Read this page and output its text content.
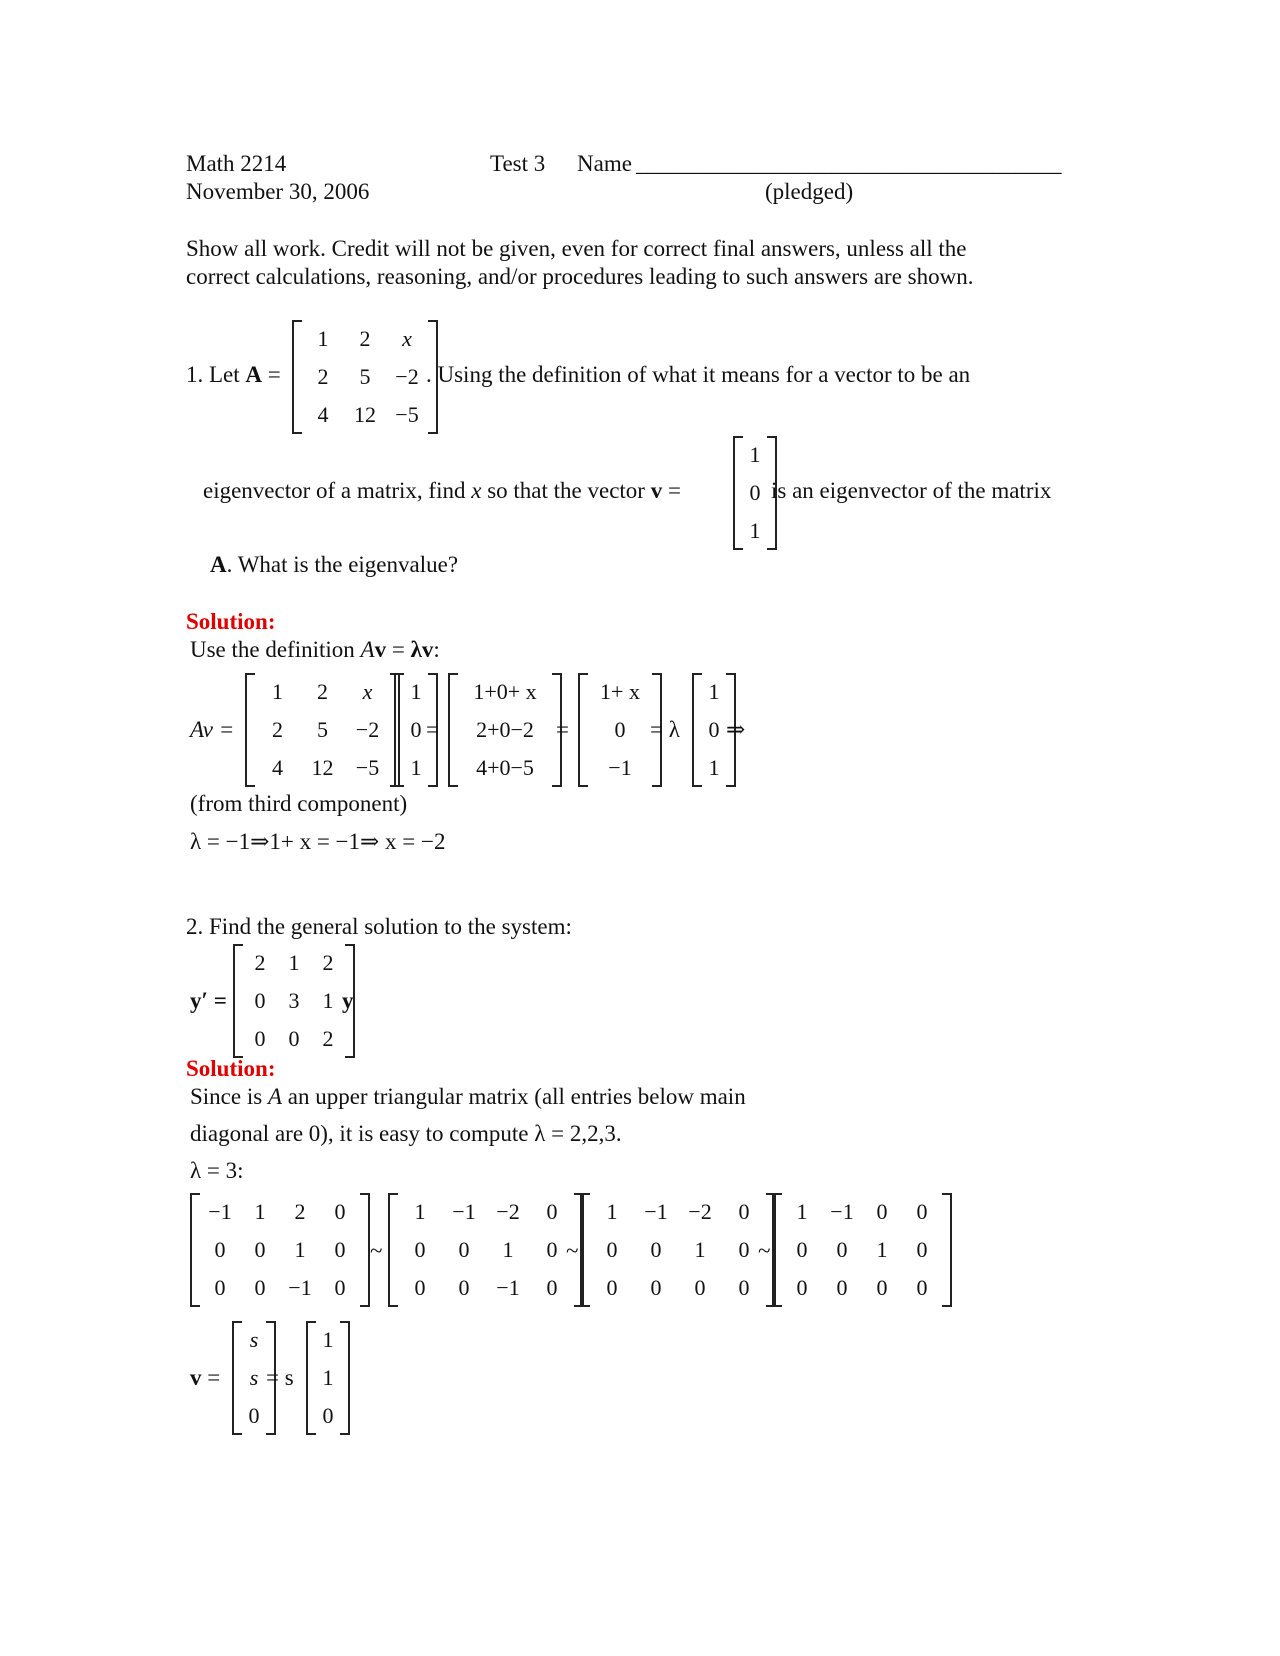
Math 2214
November 30, 2006
Test 3 Name _____________________________________
(pledged)
Show all work. Credit will not be given, even for correct final answers, unless all the
correct calculations, reasoning, and/or procedures leading to such answers are shown.
1. Let A =
1	2	x
2	5	−2
4	12 −5
. Using the definition of what it means for a vector to be an
eigenvector of a matrix, find x so that the vector v =
1
0
1
is an eigenvector of the matrix
A. What is the eigenvalue?
Solution:
Use the definition Av = λv:
Av =
1	2	x
2	5	−2
4	12	−5
1
0
1
=
1+0+ x
2+0−2
4+0−5
=
1+ x
0
−1
= λ
1
0
1
⇒
(from third component)
λ = −1⇒1+ x = −1⇒ x = −2
2. Find the general solution to the system:
y′ =
2	1	2
0	3	1
0	0	2
y
Solution:
Since is A an upper triangular matrix (all entries below main
diagonal are 0), it is easy to compute λ = 2,2,3.
λ = 3:
−1	1	2	0
0	0	1	0
0	0	−1	0
~
1	−1 −2	0
0	0	1	0
0	0	−1	0
~
1	−1 −2	0
0	0	1	0
0	0	0	0
~
1	−1	0	0
0	0	1	0
0	0	0	0
v =
s
s
0
= s
1
1
0
